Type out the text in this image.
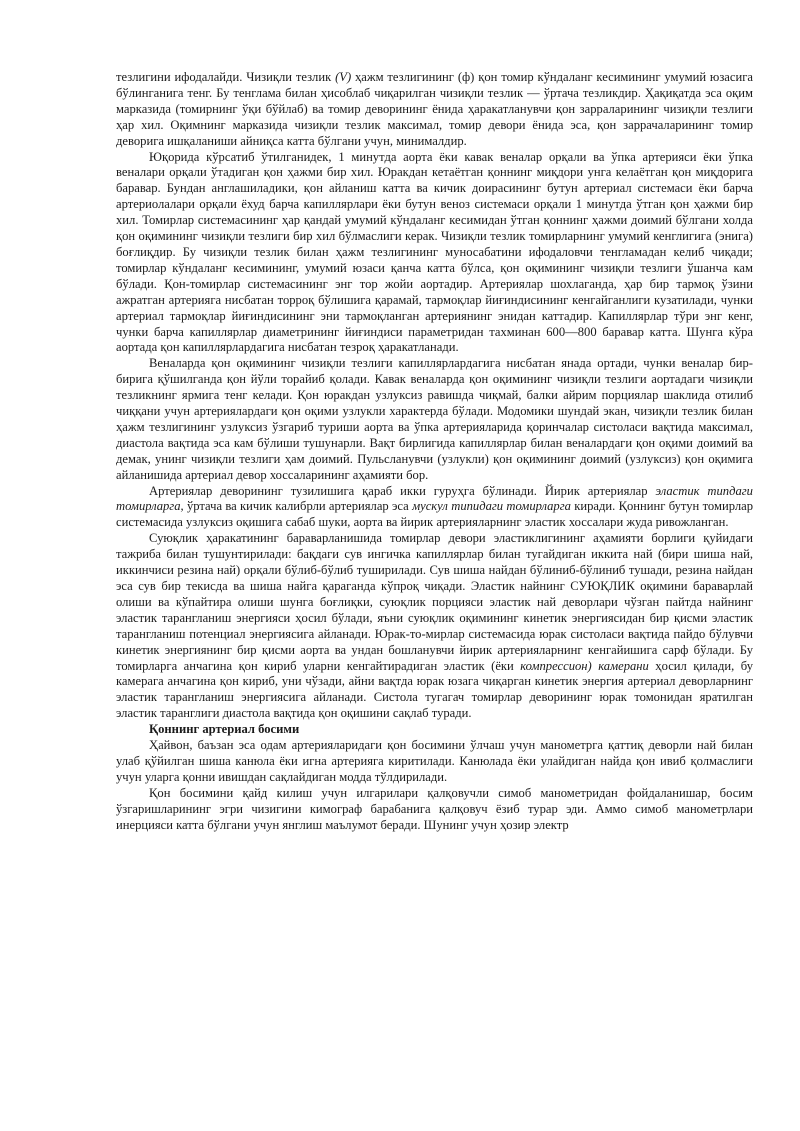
тезлигини ифодалайди. Чизиқли тезлик (V) ҳажм тезлигининг (ф) қон томир кўндаланг кесимининг умумий юзасига бўлинганига тенг. Бу тенглама билан ҳисоблаб чиқарилган чизиқли тезлик — ўртача тезликдир. Ҳақиқатда эса оқим марказида (томирнинг ўқи бўйлаб) ва томир деворининг ёнида ҳаракатланувчи қон зарраларининг чизиқли тезлиги ҳар хил. Оқимнинг марказида чизиқли тезлик максимал, томир девори ёнида эса, қон заррачаларининг томир деворига ишқаланиши айниқса катта бўлгани учун, минималдир.

Юқорида кўрсатиб ўтилганидек, 1 минутда аорта ёки кавак веналар орқали ва ўпка артерияси ёки ўпка веналари орқали ўтадиган қон ҳажми бир хил. Юракдан кетаётган қоннинг миқдори унга келаётган қон миқдорига баравар. Бундан англашиладики, қон айланиш катта ва кичик доирасининг бутун артериал системаси ёки барча артериолалари орқали ёхуд барча капиллярлари ёки бутун веноз системаси орқали 1 минутда ўтган қон ҳажми бир хил. Томирлар системасининг ҳар қандай умумий кўндаланг кесимидан ўтган қоннинг ҳажми доимий бўлгани холда қон оқимининг чизиқли тезлиги бир хил бўлмаслиги керак. Чизиқли тезлик томирларнинг умумий кенглигига (энига) боғлиқдир. Бу чизиқли тезлик билан ҳажм тезлигининг муносабатини ифодаловчи тенгламадан келиб чиқади; томирлар кўндаланг кесимининг, умумий юзаси қанча катта бўлса, қон оқимининг чизиқли тезлиги ўшанча кам бўлади. Қон-томирлар системасининг энг тор жойи аортадир. Артериялар шохлаганда, ҳар бир тармоқ ўзини ажратган артерияга нисбатан торроқ бўлишига қарамай, тармоқлар йиғиндисининг кенгайганлиги кузатилади, чунки артериал тармоқлар йиғиндисининг эни тармоқланган артериянинг энидан каттадир. Капиллярлар тўри энг кенг, чунки барча капиллярлар диаметрининг йиғиндиси параметридан тахминан 600—800 баравар катта. Шунга кўра аортада қон капиллярлардагига нисбатан тезроқ ҳаракатланади.

Веналарда қон оқимининг чизиқли тезлиги капиллярлардагига нисбатан янада ортади, чунки веналар бир-бирига қўшилганда қон йўли торайиб қолади. Кавак веналарда қон оқимининг чизиқли тезлиги аортадаги чизиқли тезликнинг ярмига тенг келади. Қон юракдан узлуксиз равишда чиқмай, балки айрим порциялар шаклида отилиб чиққани учун артериялардаги қон оқими узлукли характерда бўлади. Модомики шундай экан, чизиқли тезлик билан ҳажм тезлигининг узлуксиз ўзгариб туриши аорта ва ўпка артерияларида қоринчалар систоласи вақтида максимал, диастола вақтида эса кам бўлиши тушунарли. Вақт бирлигида капиллярлар билан веналардаги қон оқими доимий ва демак, унинг чизиқли тезлиги ҳам доимий. Пульсланувчи (узлукли) қон оқимининг доимий (узлуксиз) қон оқимига айланишида артериал девор хоссаларининг аҳамияти бор.

Артериялар деворининг тузилишига қараб икки гуруҳга бўлинади. Йирик артериялар эластик типдаги томирларга, ўртача ва кичик калибрли артериялар эса мускул типидаги томирларга киради. Қоннинг бутун томирлар системасида узлуксиз оқишига сабаб шуки, аорта ва йирик артерияларнинг эластик хоссалари жуда ривожланган.

Суюқлик ҳаракатининг бараварланишида томирлар девори эластиклигининг аҳамияти борлиги қуйидаги тажриба билан тушунтирилади: бақдаги сув ингичка капиллярлар билан тугайдиган иккита най (бири шиша най, иккинчиси резина най) орқали бўлиб-бўлиб туширилади. Сув шиша найдан бўлиниб-бўлиниб тушади, резина найдан эса сув бир текисда ва шиша найга қараганда кўпроқ чиқади. Эластик найнинг СУЮҚЛИК оқимини бараварлай олиши ва кўпайтира олиши шунга боғлиқки, суюқлик порцияси эластик най деворлари чўзган пайтда найнинг эластик тарангланиш энергияси ҳосил бўлади, яъни суюқлик оқимининг кинетик энергиясидан бир қисми эластик тарангланиш потенциал энергиясига айланади. Юрак-то-мирлар системасида юрак систоласи вақтида пайдо бўлувчи кинетик энергиянинг бир қисми аорта ва ундан бошланувчи йирик артерияларнинг кенгайишига сарф бўлади. Бу томирларга анчагина қон кириб уларни кенгайтирадиган эластик (ёки компрессион) камерани ҳосил қилади, бу камерага анчагина қон кириб, уни чўзади, айни вақтда юрак юзага чиқарган кинетик энергия артериал деворларнинг эластик тарангланиш энергиясига айланади. Систола тугагач томирлар деворининг юрак томонидан яратилган эластик таранглиги диастола вақтида қон оқишини сақлаб туради.

Қоннинг артериал босими

Ҳайвон, баъзан эса одам артерияларидаги қон босимини ўлчаш учун манометрга қаттиқ деворли най билан улаб қўйилган шиша канюла ёки игна артерияга киритилади. Канюлада ёки улайдиган найда қон ивиб қолмаслиги учун уларга қонни ивишдан сақлайдиган модда тўлдирилади.

Қон босимини қайд килиш учун илгарилари қалқовучли симоб манометридан фойдаланишар, босим ўзгаришларининг эгри чизигини кимограф барабанига қалқовуч ёзиб турар эди. Аммо симоб манометрлари инерцияси катта бўлгани учун янглиш маълумот беради. Шунинг учун ҳозир электр
